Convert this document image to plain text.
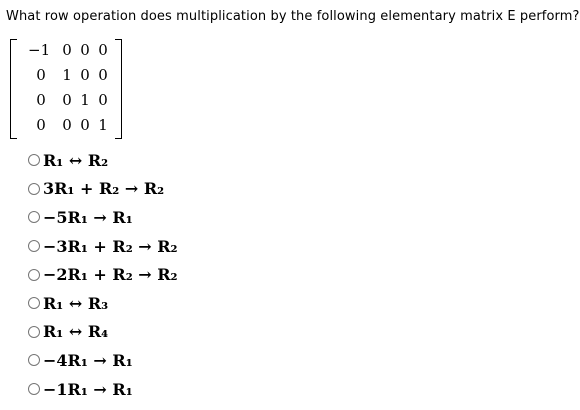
What row operation does multiplication by the following elementary matrix E perform?
−1 0 0 0
0 1 0 0
0 0 1 0
0 0 0 1
R₁ ↔ R₂
3R₁ + R₂ → R₂
−5R₁ → R₁
−3R₁ + R₂ → R₂
−2R₁ + R₂ → R₂
R₁ ↔ R₃
R₁ ↔ R₄
−4R₁ → R₁
−1R₁ → R₁
